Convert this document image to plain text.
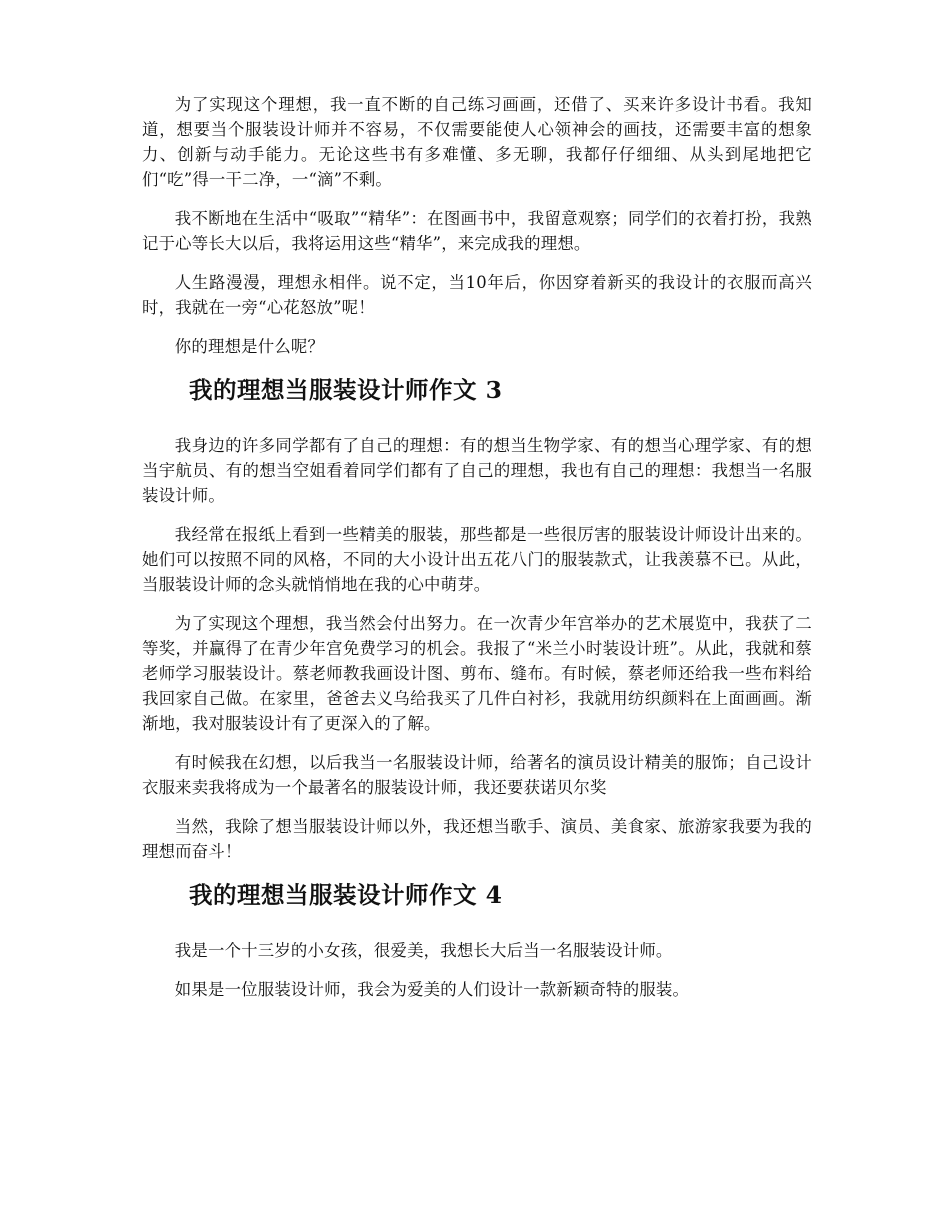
为了实现这个理想，我一直不断的自己练习画画，还借了、买来许多设计书看。我知道，想要当个服装设计师并不容易，不仅需要能使人心领神会的画技，还需要丰富的想象力、创新与动手能力。无论这些书有多难懂、多无聊，我都仔仔细细、从头到尾地把它们“吃”得一干二净，一“滴”不剩。

我不断地在生活中“吸取”“精华”：在图画书中，我留意观察；同学们的衣着打扮，我熟记于心等长大以后，我将运用这些“精华”，来完成我的理想。

人生路漫漫，理想永相伴。说不定，当10年后，你因穿着新买的我设计的衣服而高兴时，我就在一旁“心花怒放”呢！

你的理想是什么呢？

我的理想当服装设计师作文 3

我身边的许多同学都有了自己的理想：有的想当生物学家、有的想当心理学家、有的想当宇航员、有的想当空姐看着同学们都有了自己的理想，我也有自己的理想：我想当一名服装设计师。

我经常在报纸上看到一些精美的服装，那些都是一些很厉害的服装设计师设计出来的。她们可以按照不同的风格，不同的大小设计出五花八门的服装款式，让我羡慕不已。从此，当服装设计师的念头就悄悄地在我的心中萌芽。

为了实现这个理想，我当然会付出努力。在一次青少年宫举办的艺术展览中，我获了二等奖，并赢得了在青少年宫免费学习的机会。我报了“米兰小时装设计班”。从此，我就和蔡老师学习服装设计。蔡老师教我画设计图、剪布、缝布。有时候，蔡老师还给我一些布料给我回家自己做。在家里，爸爸去义乌给我买了几件白衬衫，我就用纺织颜料在上面画画。渐渐地，我对服装设计有了更深入的了解。

有时候我在幻想，以后我当一名服装设计师，给著名的演员设计精美的服饰；自己设计衣服来卖我将成为一个最著名的服装设计师，我还要获诺贝尔奖

当然，我除了想当服装设计师以外，我还想当歌手、演员、美食家、旅游家我要为我的理想而奋斗！

我的理想当服装设计师作文 4

我是一个十三岁的小女孩，很爱美，我想长大后当一名服装设计师。

如果是一位服装设计师，我会为爱美的人们设计一款新颖奇特的服装。
